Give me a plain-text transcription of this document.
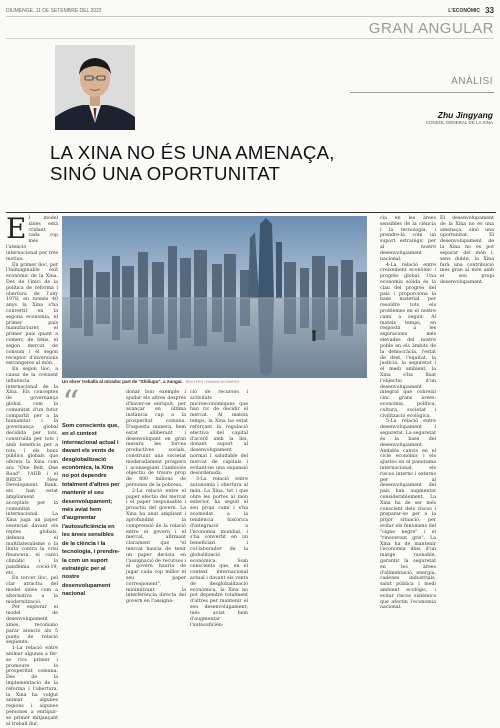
DIUMENGE, 11 DE SETEMBRE DEL 2022	L'ECONÒMIC 33
GRAN ANGULAR
ANÀLISI
Zhu Jingyang
CONSOL GENERAL DE LA XINA
LA XINA NO ÉS UNA AMENAÇA,
SINÓ UNA OPORTUNITAT

El model xinès està cridant cada cop més l'atenció internacional per tres motius:

En primer lloc, per l'inimaginable èxit econòmic de la Xina. Des de l'inici de la política de reforma i obertura de l'any 1978, en només 40 anys la Xina s'ha convertit en la segona economia, el primer país manufacturer, el primer país quant a comerç de béns, el segon mercat de consum i el segon receptor d'inversions estrangeres al món.

En segon lloc, a causa de la creixent influència internacional de la Xina. Els conceptes de governança global, com la comunitat d'un futur compartit per a la humanitat i la governança global decidida per tots, construïda per tots i amb beneficis per a tots, i els bons públics globals que ofereix la Xina com ara "One Belt, One Road", l'AIIB i el BRICS New Development Bank, etc. han estat àmpliament acceptats per la comunitat internacional. La Xina juga un paper essencial davant els reptes globals, defensa el multilateralisme o la lluita contra la crisi financera, el canvi climàtic i la pandèmia covid-19, etc.

En tercer lloc, pel clar atractiu del model xinès com a alternativa a la modernització.

Per explorar el model de desenvolupament xinès, recomano parar atenció als 5 punts de relació següents:

1-La relació entre animar algunes a fer-se rics primer i promoure la prosperitat comuna. Des de la implementació de la reforma i l'obertura, la Xina ha volgut animar algunes regions i algunes persones a enriquir-se primer mitjançant el treball dur,

Un obrer treballa al mirador part de "Shiliupu", a Xangai. REUTERS / DADIMA SCOMEDO
“
Som conscients que, en el context internacional actual i davant els vents de desglobalització econòmica, la Xina no pot dependre totalment d'altres per mantenir el seu desenvolupament; més aviat hem d'augmentar l'autosuficiència en les àrees sensibles de la ciència i la tecnologia, i prendre-la com un suport estratègic per al nostre desenvolupament nacional

donar bon exemple i ajudar els altres després d'haver-se enriquit, per avançar en última instància cap a la prosperitat comuna. D'aquesta manera, hem estat alliberant i desenvolupant en gran mesura les forces productives socials, construint una societat moderadament pròspera i aconseguint l'ambiciós objectiu de treure prop de 800 milions de persones de la pobresa.

2-La relació entre el paper efectiu del mercat i el paper responsable i proactiu del govern. La Xina ha anat ampliant i aprofundint la comprensió de la relació entre el govern i el mercat, afirmant clarament que "el mercat hauria de tenir un paper decisiu en l'assignació de recursos i el govern hauria de jugar cada cop millor el seu paper corresponent", minimitzant la interferència directa del govern en l'assigna-

ció de recursos i activitats microeconòmiques que han ric de decidir el mercat. Al mateix temps, la Xina ha estat reforçant la regulació efectiva del capital d'acord amb la llei, donant suport al desenvolupament normal i saludable del mercat de capitals i evitant-ne una expansió desordenada.

3-La relació entre autonomia i obertura al món. La Xina, tot i que obre les portes al món exterior, ha seguit el seu propi camí i s'ha acomodat a la tendència històrica d'integració a l'economia mundial, i s'ha convertit en un beneficiari i col·laborador de la globalització econòmica. Som conscients que, en el context internacional actual i davant els vents de desglobalització econòmica, la Xina no pot dependre totalment d'altres per mantenir el seu desenvolupament; més aviat hem d'augmentar l'autosuficièn-

cia en les àrees sensibles de la ciència i la tecnologia, i prendre-la com un suport estratègic per al nostre desenvolupament nacional.

4-La relació entre creixement econòmic i progrés global. Una economia sòlida és la clau del progrés del país i proporciona la base material per resoldre tots els problemes en el nostre camí a seguir. Al mateix temps, en resposta a les aspiracions més elevades del nostre poble en els àmbits de la democràcia, l'estat de dret, l'equitat, la justícia, la seguretat i el medi ambient, la Xina s'ha fixat l'objectiu d'un desenvolupament integral que cobreixi cinc grans àrees: economia, política, cultura, societat i civilització ecològica.

5-La relació entre desenvolupament i seguretat. La seguretat és la base del desenvolupament. Ambdós canvis en el cicle econòmic i els ajustos en el panorama internacional, els riscos interns i externs per al desenvolupament del país han augmentat considerablement. La Xina ha de ser més conscient dels riscos i preparar-se per a la pitjor situació, per evitar els fenòmens del "cigne negre" i el "rinoceront gris". La Xina ha de mantenir l'economia dins d'un marge raonable, garantir la seguretat en les àrees d'alimentació, energia, cadenes industrials, salut pública i medi ambient ecològic, i evitar riscos sistèmics que afectin l'economia nacional.

El desenvolupament de la Xina no és una amenaça, sinó una oportunitat. El desenvolupament de la Xina no es pot separar del món i, sens dubte, la Xina farà una contribució més gran al món amb el seu propi desenvolupament.
